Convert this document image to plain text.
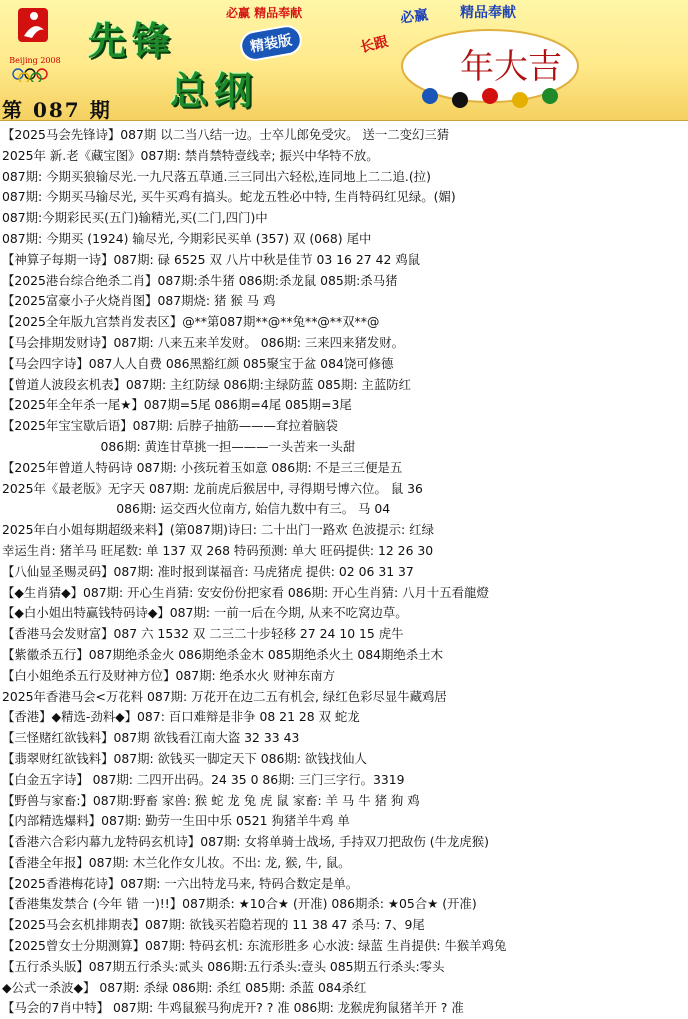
Beijing 2008
必赢 精品奉献
先锋
总纲
精装版
必赢 精品奉献
长跟
年大吉
第 087 期
【2025马会先锋诗】087期 以二当八结一边。士卒儿郎免受灾。 送一二变幻三猜
2025年 新.老《藏宝图》087期: 禁肖禁特壹线幸; 振兴中华特不放。
087期: 今期买狼输尽光.一九尺落五草通.三三同出六轻松,连同地上二二追.(拉)
087期: 今期买马输尽光, 买牛买鸡有搞头。蛇龙五牲必中特, 生肖特码红见绿。(媚)
087期:今期彩民买(五门)输精光,买(二门,四门)中
087期: 今期买 (1924) 输尽光, 今期彩民买单 (357) 双 (068) 尾中
【神算子每期一诗】087期: 碌 6525 双 八片中秋是佳节 03 16 27 42 鸡鼠
【2025港台综合绝杀二肖】087期:杀牛猪 086期:杀龙鼠 085期:杀马猪
【2025富豪小子火烧肖图】087期烧: 猪 猴 马 鸡
【2025全年版九宫禁肖发表区】@**第087期**@**兔**@**双**@
【马会排期发财诗】087期: 八来五来羊发财。 086期: 三来四来猪发财。
【马会四字诗】087人人自费 086黑豁红颜 085聚宝于盆 084饶可修德
【曾道人波段玄机表】087期: 主红防绿 086期:主绿防蓝 085期: 主蓝防红
【2025年全年杀一尾★】087期=5尾 086期=4尾 085期=3尾
【2025年宝宝歇后语】087期: 后脖子抽筋———耷拉着脑袋
086期: 黄连甘草挑一担———一头苦来一头甜
【2025年曾道人特码诗 087期: 小孩玩着玉如意 086期: 不是三三便是五
2025年《最老版》无字天 087期: 龙前虎后猴居中, 寻得期号博六位。 鼠 36
086期: 运交西火位南方, 始信九数中有三。 马 04
2025年白小姐每期超级来料】(第087期)诗曰: 二十出门一路欢 色波提示: 红绿
幸运生肖: 猪羊马 旺尾数: 单 137 双 268 特码预测: 单大 旺码提供: 12 26 30
【八仙显圣赐灵码】087期: 准时报到谋福音: 马虎猪虎 提供: 02 06 31 37
【◆生肖猜◆】087期: 开心生肖猜: 安安份份把家看 086期: 开心生肖猜: 八月十五看龍燈
【◆白小姐出特赢钱特码诗◆】087期: 一前一后在今期, 从来不吃窝边草。
【香港马会发财富】087 六 1532 双 二三二十步轻移 27 24 10 15 虎牛
【紫徽杀五行】087期绝杀金火 086期绝杀金木 085期绝杀火土 084期绝杀土木
【白小姐绝杀五行及财神方位】087期: 绝杀水火 财神东南方
2025年香港马会<万花料 087期: 万花开在边二五有机会, 绿红色彩尽显牛藏鸡居
【香港】◆精选-劲料◆】087: 百口难辩是非争 08 21 28 双 蛇龙
【三怪赌红欲钱料】087期 欲钱看江南大盗 32 33 43
【翡翠财红欲钱料】087期: 欲钱买一脚定天下 086期: 欲钱找仙人
【白金五字诗】 087期: 二四开出码。24 35 0 86期: 三门三字行。3319
【野兽与家畜:】087期:野畜 家兽: 猴 蛇 龙 兔 虎 鼠 家畜: 羊 马 牛 猪 狗 鸡
【内部精选爆料】087期: 勤劳一生田中乐 0521 狗猪羊牛鸡 单
【香港六合彩内幕九龙特码玄机诗】087期: 女将单骑士战场, 手持双刀把敌伤 (牛龙虎猴)
【香港全年报】087期: 木兰化作女儿妆。不出: 龙, 猴, 牛, 鼠。
【2025香港梅花诗】087期: 一六出特龙马来, 特码合数定是单。
【香港集发禁合 (今年 错 一)!!】087期杀: ★10合★ (开准) 086期杀: ★05合★ (开准)
【2025马会玄机排期表】087期: 欲钱买若隐若现的 11 38 47 杀马: 7、9尾
【2025曾女士分期测算】087期: 特码玄机: 东流形胜多 心水波: 绿蓝 生肖提供: 牛猴羊鸡兔
【五行杀头版】087期五行杀头:贰头 086期:五行杀头:壹头 085期五行杀头:零头
◆公式一杀波◆】 087期: 杀绿 086期: 杀红 085期: 杀蓝 084杀红
【马会的7肖中特】 087期: 牛鸡鼠猴马狗虎开? ? 准 086期: 龙猴虎狗鼠猪羊开 ? 准
